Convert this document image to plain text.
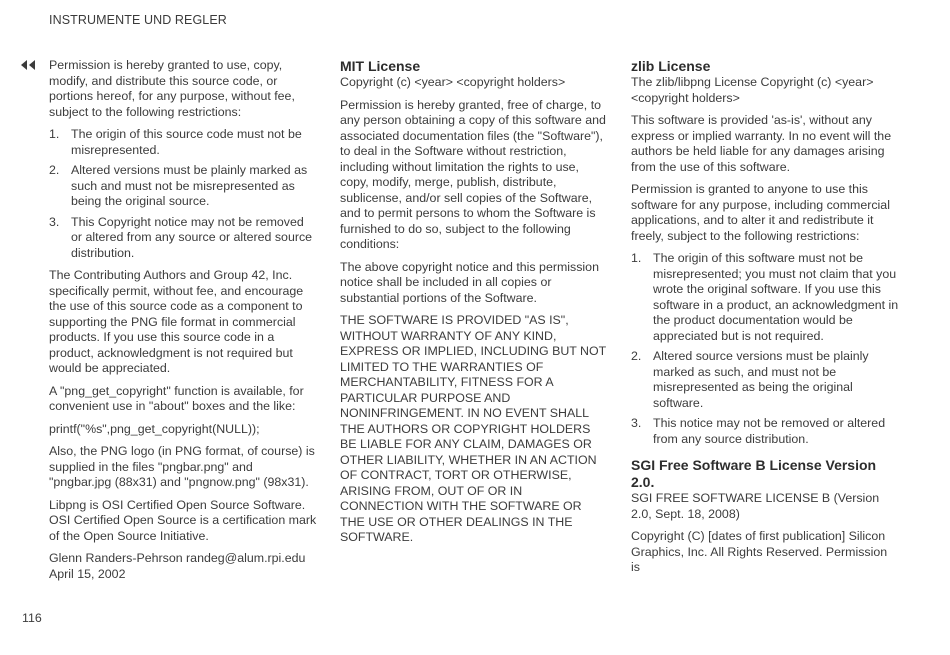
INSTRUMENTE UND REGLER

Permission is hereby granted to use, copy, modify, and distribute this source code, or portions hereof, for any purpose, without fee, subject to the following restrictions:

1. The origin of this source code must not be misrepresented.
2. Altered versions must be plainly marked as such and must not be misrepresented as being the original source.
3. This Copyright notice may not be removed or altered from any source or altered source distribution.

The Contributing Authors and Group 42, Inc. specifically permit, without fee, and encourage the use of this source code as a component to supporting the PNG file format in commercial products. If you use this source code in a product, acknowledgment is not required but would be appreciated.

A "png_get_copyright" function is available, for convenient use in "about" boxes and the like:

printf("%s",png_get_copyright(NULL));

Also, the PNG logo (in PNG format, of course) is supplied in the files "pngbar.png" and "pngbar.jpg (88x31) and "pngnow.png" (98x31).

Libpng is OSI Certified Open Source Software. OSI Certified Open Source is a certification mark of the Open Source Initiative.

Glenn Randers-Pehrson randeg@alum.rpi.edu
April 15, 2002

MIT License

Copyright (c) <year> <copyright holders>

Permission is hereby granted, free of charge, to any person obtaining a copy of this software and associated documentation files (the "Software"), to deal in the Software without restriction, including without limitation the rights to use, copy, modify, merge, publish, distribute, sublicense, and/or sell copies of the Software, and to permit persons to whom the Software is furnished to do so, subject to the following conditions:

The above copyright notice and this permission notice shall be included in all copies or substantial portions of the Software.

THE SOFTWARE IS PROVIDED "AS IS", WITHOUT WARRANTY OF ANY KIND, EXPRESS OR IMPLIED, INCLUDING BUT NOT LIMITED TO THE WARRANTIES OF MERCHANTABILITY, FITNESS FOR A PARTICULAR PURPOSE AND NONINFRINGEMENT. IN NO EVENT SHALL THE AUTHORS OR COPYRIGHT HOLDERS BE LIABLE FOR ANY CLAIM, DAMAGES OR OTHER LIABILITY, WHETHER IN AN ACTION OF CONTRACT, TORT OR OTHERWISE, ARISING FROM, OUT OF OR IN CONNECTION WITH THE SOFTWARE OR THE USE OR OTHER DEALINGS IN THE SOFTWARE.

zlib License

The zlib/libpng License Copyright (c) <year> <copyright holders>

This software is provided 'as-is', without any express or implied warranty. In no event will the authors be held liable for any damages arising from the use of this software.

Permission is granted to anyone to use this software for any purpose, including commercial applications, and to alter it and redistribute it freely, subject to the following restrictions:

1. The origin of this software must not be misrepresented; you must not claim that you wrote the original software. If you use this software in a product, an acknowledgment in the product documentation would be appreciated but is not required.
2. Altered source versions must be plainly marked as such, and must not be misrepresented as being the original software.
3. This notice may not be removed or altered from any source distribution.
SGI Free Software B License Version 2.0.

SGI FREE SOFTWARE LICENSE B (Version 2.0, Sept. 18, 2008)

Copyright (C) [dates of first publication] Silicon Graphics, Inc. All Rights Reserved. Permission is

116
